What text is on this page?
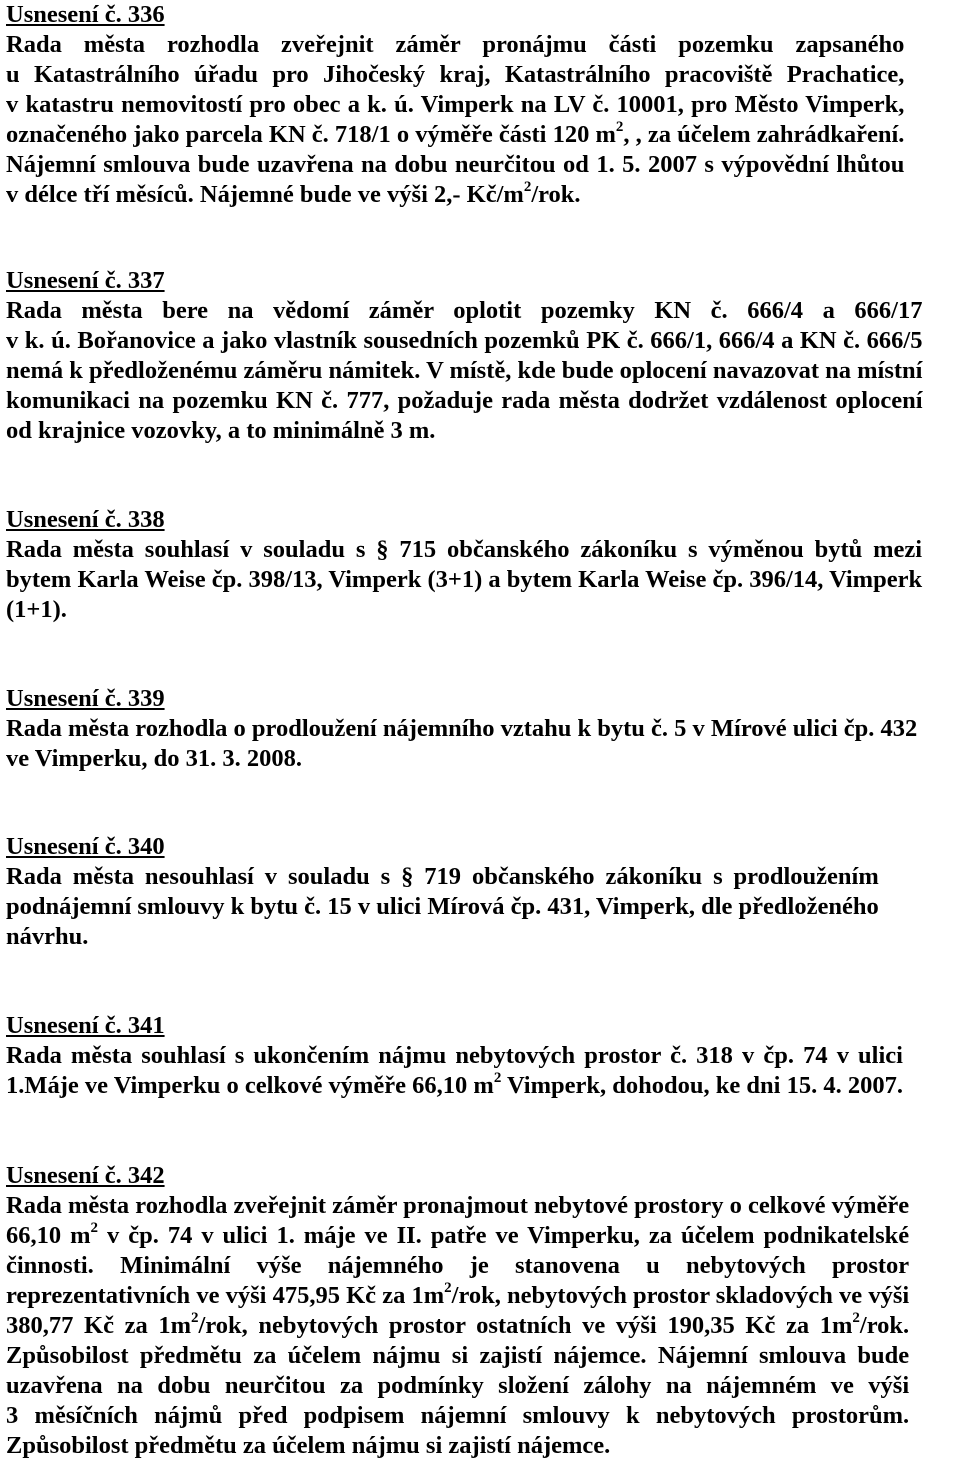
Usnesení č. 336
Rada města rozhodla zveřejnit záměr pronájmu části pozemku zapsaného
u Katastrálního úřadu pro Jihočeský kraj, Katastrálního pracoviště Prachatice,
v katastru nemovitostí pro obec a k. ú. Vimperk na LV č. 10001, pro Město Vimperk,
označeného jako parcela KN č. 718/1 o výměře části 120 $m^2$, , za účelem zahrádkaření.
Nájemní smlouva bude uzavřena na dobu neurčitou od 1. 5. 2007 s výpovědní lhůtou
v délce tří měsíců. Nájemné bude ve výši 2,- $Kč/m^2$/rok.
Usnesení č. 337
Rada města bere na vědomí záměr oplotit pozemky KN č. 666/4 a 666/17
v k. ú. Bořanovice a jako vlastník sousedních pozemků PK č. 666/1, 666/4 a KN č. 666/5
nemá k předloženému záměru námitek. V místě, kde bude oplocení navazovat na místní
komunikaci na pozemku KN č. 777, požaduje rada města dodržet vzdálenost oplocení
od krajnice vozovky, a to minimálně 3 m.
Usnesení č. 338
Rada města souhlasí v souladu s § 715 občanského zákoníku s výměnou bytů mezi
bytem Karla Weise čp. 398/13, Vimperk (3+1) a bytem Karla Weise čp. 396/14, Vimperk
(1+1).
Usnesení č. 339
Rada města rozhodla o prodloužení nájemního vztahu k bytu č. 5 v Mírové ulici čp. 432
ve Vimperku, do 31. 3. 2008.
Usnesení č. 340
Rada města nesouhlasí v souladu s § 719 občanského zákoníku s prodloužením
podnájemní smlouvy k bytu č. 15 v ulici Mírová čp. 431, Vimperk, dle předloženého
návrhu.
Usnesení č. 341
Rada města souhlasí s ukončením nájmu nebytových prostor č. 318 v čp. 74 v ulici
1.Máje ve Vimperku o celkové výměře 66,10 $m^2$ Vimperk, dohodou, ke dni 15. 4. 2007.
Usnesení č. 342
Rada města rozhodla zveřejnit záměr pronajmout nebytové prostory o celkové výměře
66,10 $m^2$ v čp. 74 v ulici 1. máje ve II. patře ve Vimperku, za účelem podnikatelské
činnosti. Minimální výše nájemného je stanovena u nebytových prostor
reprezentativních ve výši 475,95 Kč za $1m^2$/rok, nebytových prostor skladových ve výši
380,77 Kč za $1m^2$/rok, nebytových prostor ostatních ve výši 190,35 Kč za $1m^2$/rok.
Způsobilost předmětu za účelem nájmu si zajistí nájemce. Nájemní smlouva bude
uzavřena na dobu neurčitou za podmínky složení zálohy na nájemném ve výši
3 měsíčních nájmů před podpisem nájemní smlouvy k nebytových prostorům.
Způsobilost předmětu za účelem nájmu si zajistí nájemce.
